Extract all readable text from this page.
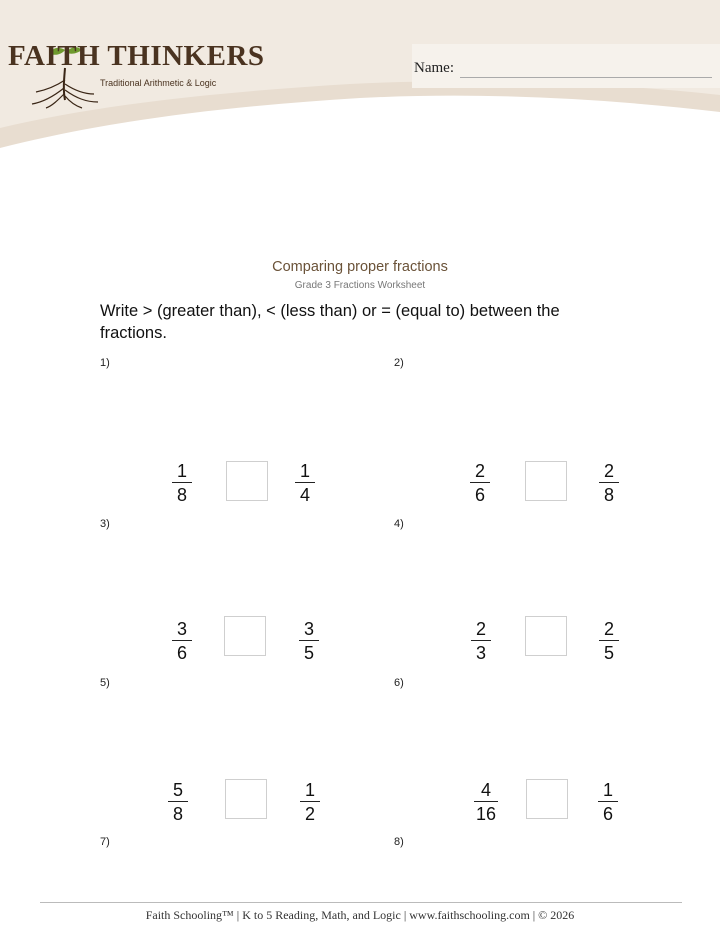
FAITH THINKERS
Traditional Arithmetic & Logic
Name:
Comparing proper fractions
Grade 3 Fractions Worksheet
Write > (greater than), < (less than) or = (equal to) between the fractions.
1)
1
8
1
4
2)
2
6
2
8
3)
3
6
3
5
4)
2
3
2
5
5)
5
8
1
2
6)
4
16
1
6
7)	8)
Faith Schooling™ | K to 5 Reading, Math, and Logic | www.faithschooling.com | © 2026
